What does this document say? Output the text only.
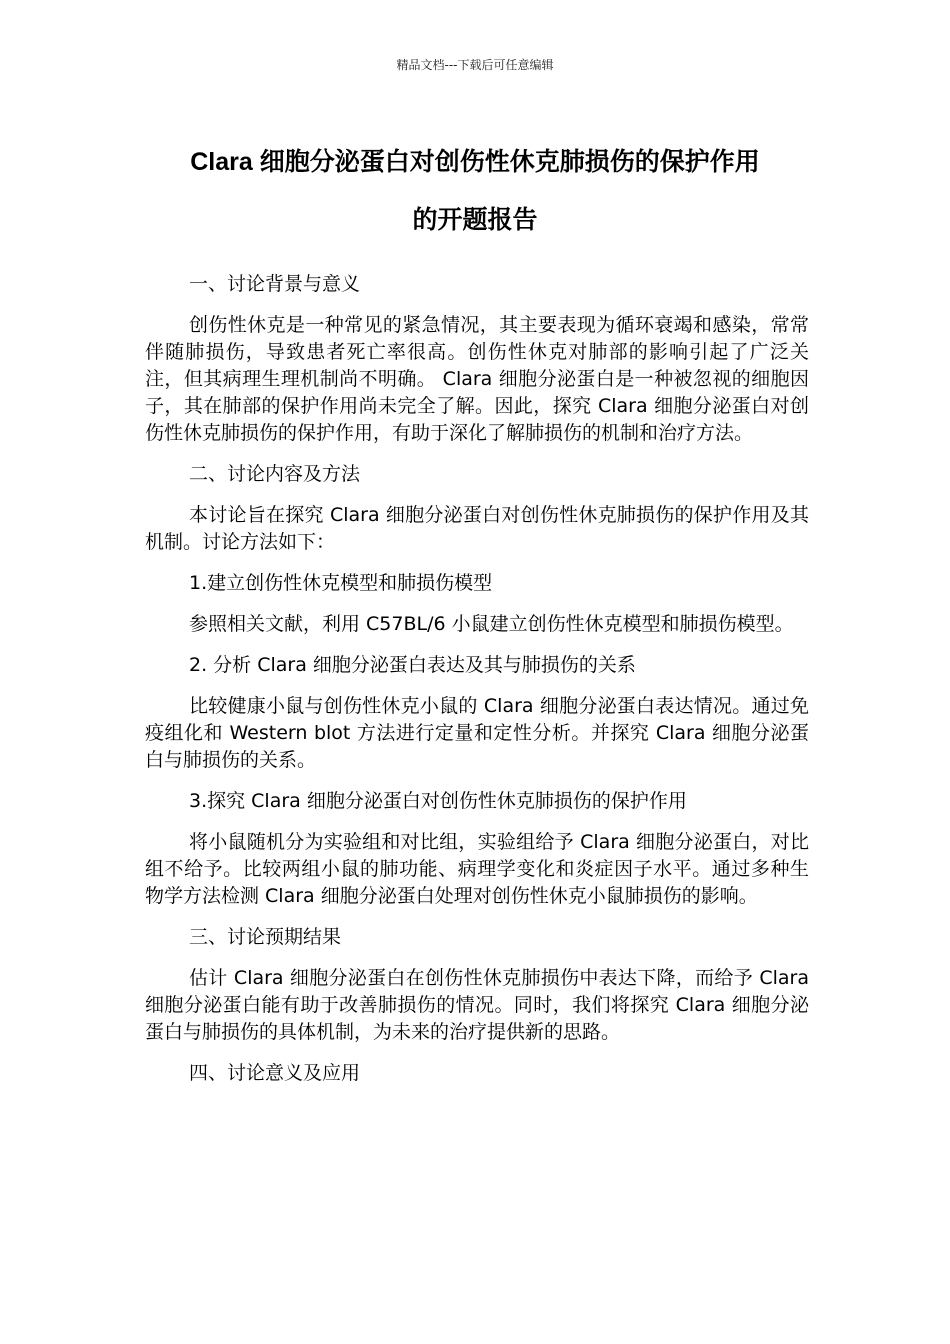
精品文档---下载后可任意编辑
Clara 细胞分泌蛋白对创伤性休克肺损伤的保护作用
的开题报告

一、讨论背景与意义

创伤性休克是一种常见的紧急情况，其主要表现为循环衰竭和感染，常常伴随肺损伤，导致患者死亡率很高。创伤性休克对肺部的影响引起了广泛关注，但其病理生理机制尚不明确。 Clara 细胞分泌蛋白是一种被忽视的细胞因子，其在肺部的保护作用尚未完全了解。因此，探究 Clara 细胞分泌蛋白对创伤性休克肺损伤的保护作用，有助于深化了解肺损伤的机制和治疗方法。

二、讨论内容及方法

本讨论旨在探究 Clara 细胞分泌蛋白对创伤性休克肺损伤的保护作用及其机制。讨论方法如下：

1.建立创伤性休克模型和肺损伤模型

参照相关文献，利用 C57BL/6 小鼠建立创伤性休克模型和肺损伤模型。

2. 分析 Clara 细胞分泌蛋白表达及其与肺损伤的关系

比较健康小鼠与创伤性休克小鼠的 Clara 细胞分泌蛋白表达情况。通过免疫组化和 Western blot 方法进行定量和定性分析。并探究 Clara 细胞分泌蛋白与肺损伤的关系。

3.探究 Clara 细胞分泌蛋白对创伤性休克肺损伤的保护作用

将小鼠随机分为实验组和对比组，实验组给予 Clara 细胞分泌蛋白，对比组不给予。比较两组小鼠的肺功能、病理学变化和炎症因子水平。通过多种生物学方法检测 Clara 细胞分泌蛋白处理对创伤性休克小鼠肺损伤的影响。

三、讨论预期结果

估计 Clara 细胞分泌蛋白在创伤性休克肺损伤中表达下降，而给予 Clara 细胞分泌蛋白能有助于改善肺损伤的情况。同时，我们将探究 Clara 细胞分泌蛋白与肺损伤的具体机制，为未来的治疗提供新的思路。

四、讨论意义及应用
